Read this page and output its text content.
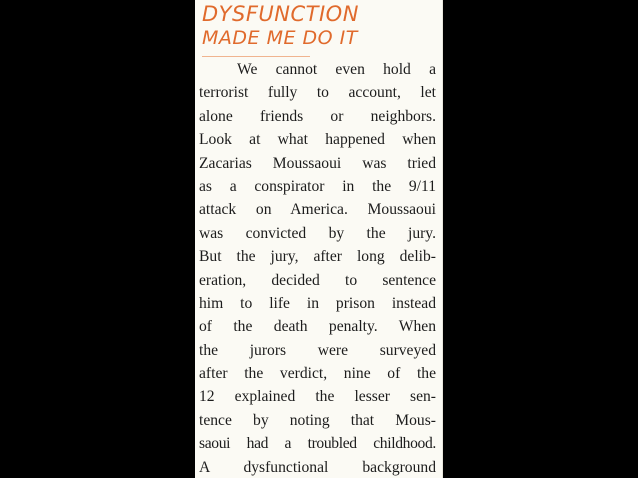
DYSFUNCTION
MADE ME DO IT
We cannot even hold a
terrorist fully to account, let
alone friends or neighbors.
Look at what happened when
Zacarias Moussaoui was tried
as a conspirator in the 9/11
attack on America. Moussaoui
was convicted by the jury.
But the jury, after long delib-
eration, decided to sentence
him to life in prison instead
of the death penalty. When
the jurors were surveyed
after the verdict, nine of the
12 explained the lesser sen-
tence by noting that Mous-
saoui had a troubled childhood.
A dysfunctional background
